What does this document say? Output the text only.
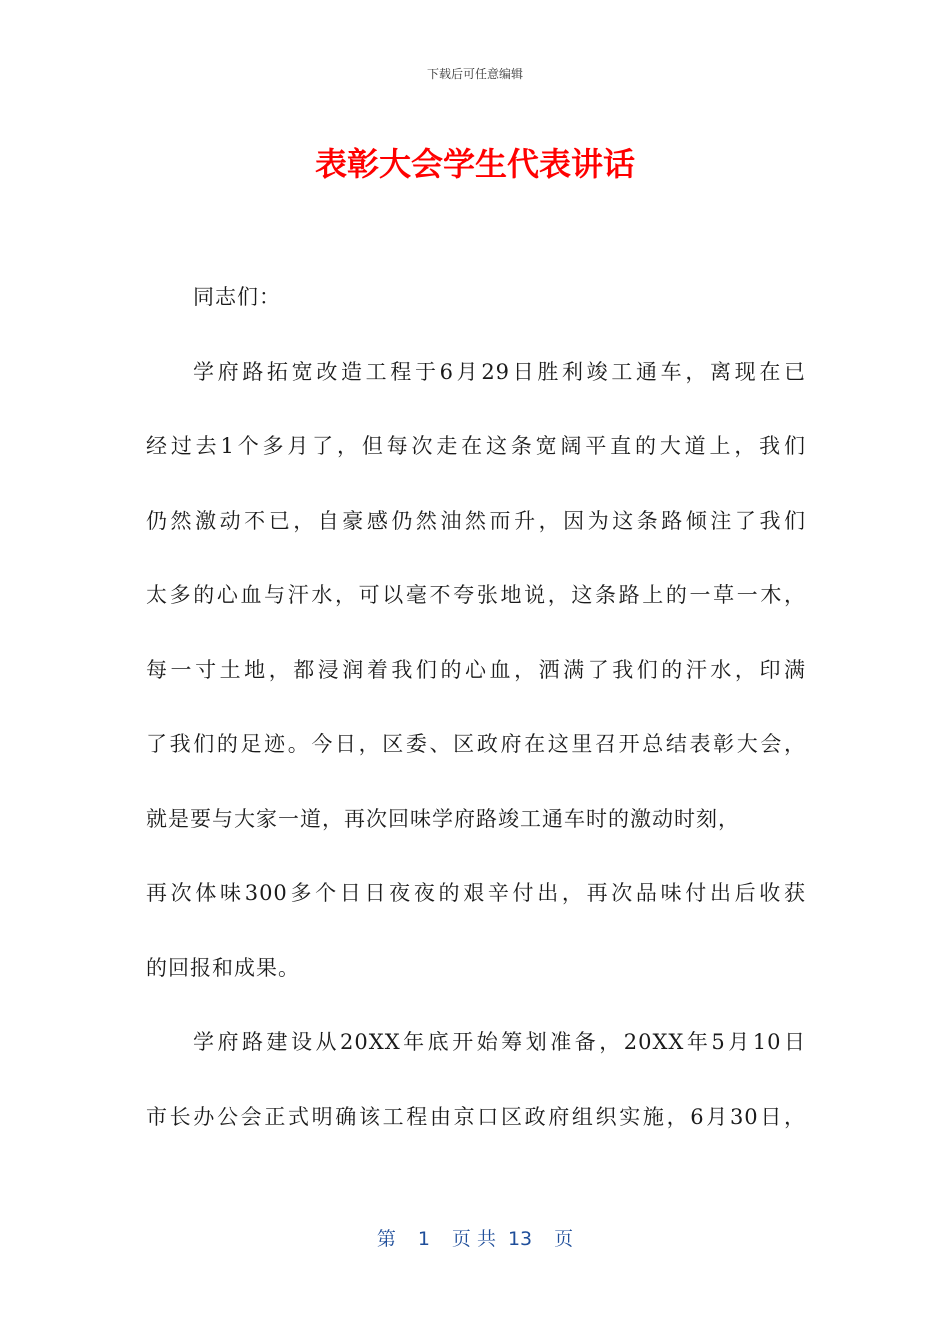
下载后可任意编辑
表彰大会学生代表讲话
同志们：
学府路拓宽改造工程于6月29日胜利竣工通车，离现在已
经过去1个多月了，但每次走在这条宽阔平直的大道上，我们
仍然激动不已，自豪感仍然油然而升，因为这条路倾注了我们
太多的心血与汗水，可以毫不夸张地说，这条路上的一草一木，
每一寸土地，都浸润着我们的心血，洒满了我们的汗水，印满
了我们的足迹。今日，区委、区政府在这里召开总结表彰大会，
就是要与大家一道，再次回味学府路竣工通车时的激动时刻，
再次体味300多个日日夜夜的艰辛付出，再次品味付出后收获
的回报和成果。
学府路建设从20XX年底开始筹划准备，20XX年5月10日
市长办公会正式明确该工程由京口区政府组织实施，6月30日，
第 1 页 共 13 页
